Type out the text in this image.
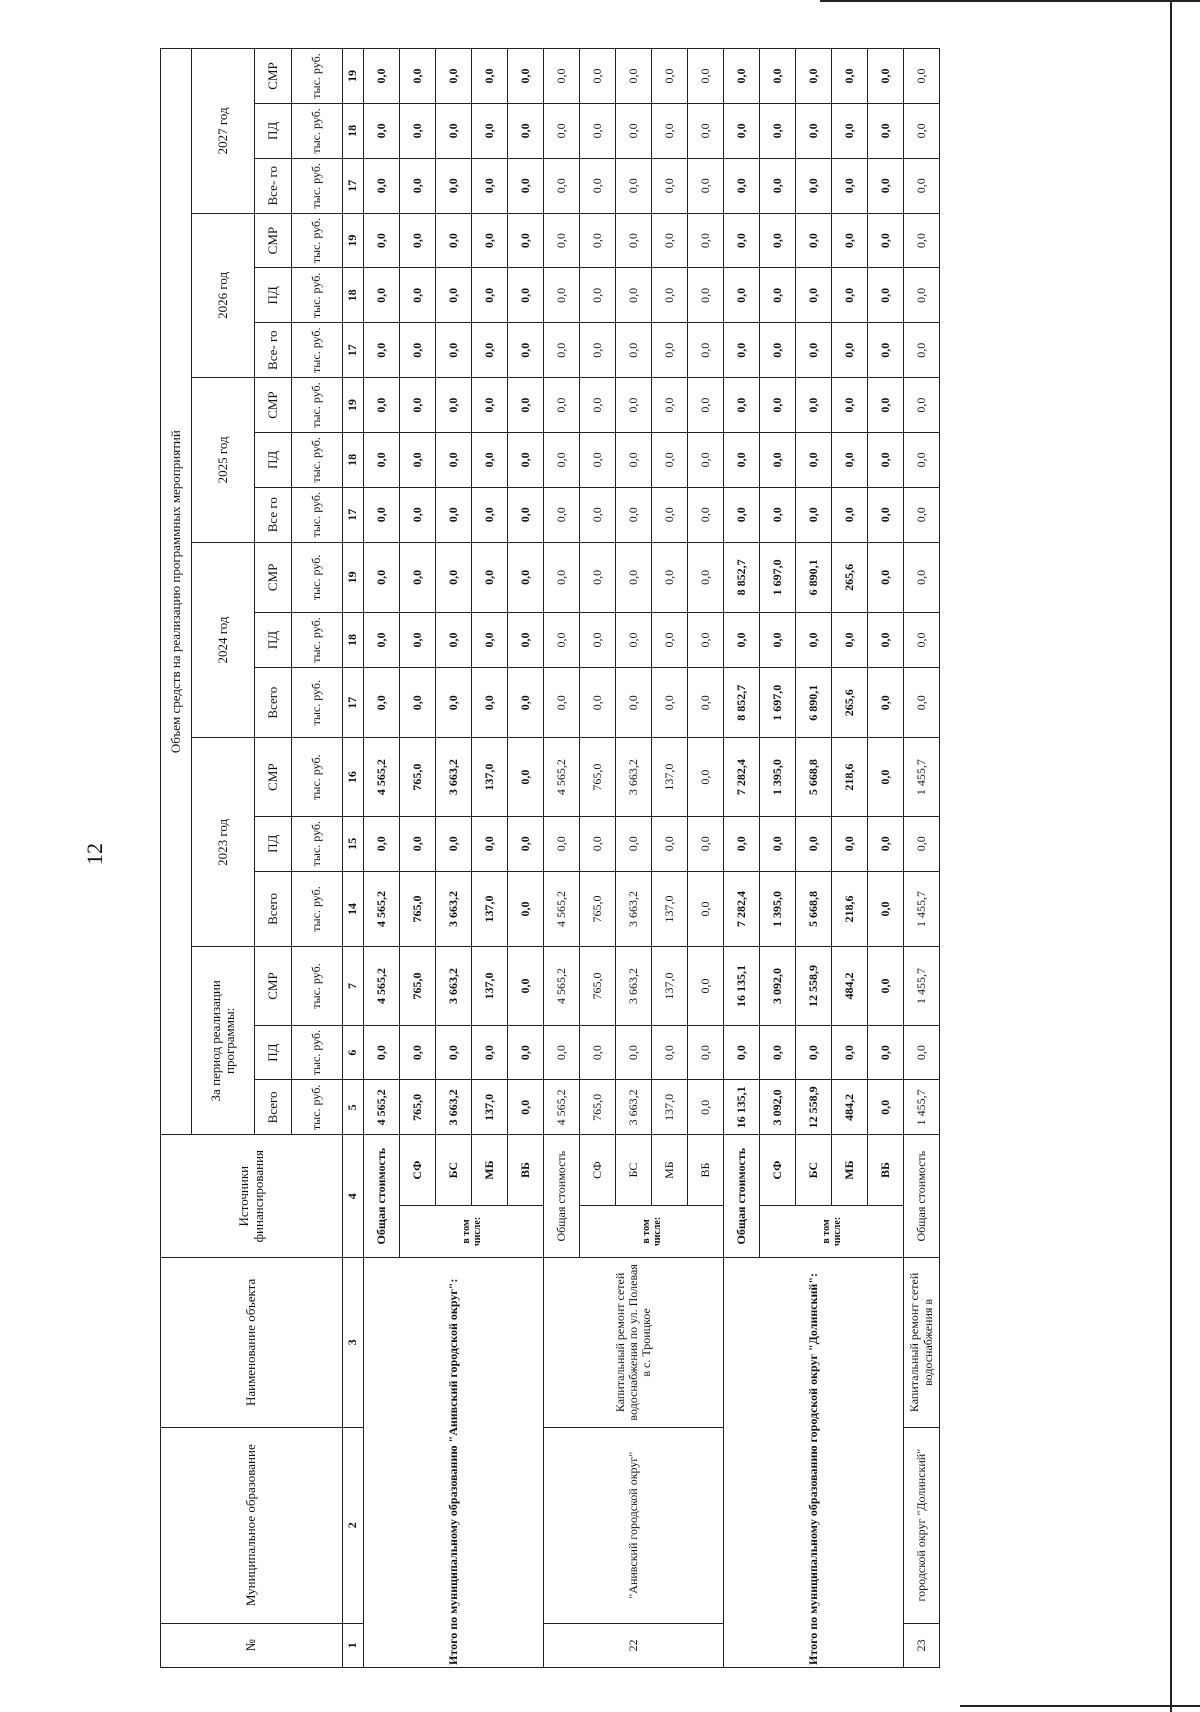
12
№	Муниципальное образование	Наименование объекта	Источники финансирования		Объем средств на реализацию программных мероприятий																	
					За период реализации программы:			2023 год			2024 год			2025 год			2026 год			2027 год		
					Всего	ПД	СМР	Всего	ПД	СМР	Всего	ПД	СМР	Все го	ПД	СМР	Все- го	ПД	СМР	Все- го	ПД	СМР
					тыс. руб.	тыс. руб.	тыс. руб.	тыс. руб.	тыс. руб.	тыс. руб.	тыс. руб.	тыс. руб.	тыс. руб.	тыс. руб.	тыс. руб.	тыс. руб.	тыс. руб.	тыс. руб.	тыс. руб.	тыс. руб.	тыс. руб.	тыс. руб.
1	2	3	4		5	6	7	14	15	16	17	18	19	17	18	19	17	18	19	17	18	19
Итого по муниципальному образованию "Анивский городской округ":			Общая стоимость		4 565,2	0,0	4 565,2	4 565,2	0,0	4 565,2	0,0	0,0	0,0	0,0	0,0	0,0	0,0	0,0	0,0	0,0	0,0	0,0
			в том числе:	СФ	765,0	0,0	765,0	765,0	0,0	765,0	0,0	0,0	0,0	0,0	0,0	0,0	0,0	0,0	0,0	0,0	0,0	0,0
				БС	3 663,2	0,0	3 663,2	3 663,2	0,0	3 663,2	0,0	0,0	0,0	0,0	0,0	0,0	0,0	0,0	0,0	0,0	0,0	0,0
				МБ	137,0	0,0	137,0	137,0	0,0	137,0	0,0	0,0	0,0	0,0	0,0	0,0	0,0	0,0	0,0	0,0	0,0	0,0
				ВБ	0,0	0,0	0,0	0,0	0,0	0,0	0,0	0,0	0,0	0,0	0,0	0,0	0,0	0,0	0,0	0,0	0,0	0,0
22	"Анивский городской округ"	Капитальный ремонт сетей водоснабжения по ул. Полевая в с. Троицкое	Общая стоимость		4 565,2	0,0	4 565,2	4 565,2	0,0	4 565,2	0,0	0,0	0,0	0,0	0,0	0,0	0,0	0,0	0,0	0,0	0,0	0,0
			в том числе:	СФ	765,0	0,0	765,0	765,0	0,0	765,0	0,0	0,0	0,0	0,0	0,0	0,0	0,0	0,0	0,0	0,0	0,0	0,0
				БС	3 663,2	0,0	3 663,2	3 663,2	0,0	3 663,2	0,0	0,0	0,0	0,0	0,0	0,0	0,0	0,0	0,0	0,0	0,0	0,0
				МБ	137,0	0,0	137,0	137,0	0,0	137,0	0,0	0,0	0,0	0,0	0,0	0,0	0,0	0,0	0,0	0,0	0,0	0,0
				ВБ	0,0	0,0	0,0	0,0	0,0	0,0	0,0	0,0	0,0	0,0	0,0	0,0	0,0	0,0	0,0	0,0	0,0	0,0
Итого по муниципальному образованию городской округ "Долинский":			Общая стоимость		16 135,1	0,0	16 135,1	7 282,4	0,0	7 282,4	8 852,7	0,0	8 852,7	0,0	0,0	0,0	0,0	0,0	0,0	0,0	0,0	0,0
			в том числе:	СФ	3 092,0	0,0	3 092,0	1 395,0	0,0	1 395,0	1 697,0	0,0	1 697,0	0,0	0,0	0,0	0,0	0,0	0,0	0,0	0,0	0,0
				БС	12 558,9	0,0	12 558,9	5 668,8	0,0	5 668,8	6 890,1	0,0	6 890,1	0,0	0,0	0,0	0,0	0,0	0,0	0,0	0,0	0,0
				МБ	484,2	0,0	484,2	218,6	0,0	218,6	265,6	0,0	265,6	0,0	0,0	0,0	0,0	0,0	0,0	0,0	0,0	0,0
				ВБ	0,0	0,0	0,0	0,0	0,0	0,0	0,0	0,0	0,0	0,0	0,0	0,0	0,0	0,0	0,0	0,0	0,0	0,0
23	городской округ "Долинский"	Капитальный ремонт сетей водоснабжения в	Общая стоимость		1 455,7	0,0	1 455,7	1 455,7	0,0	1 455,7	0,0	0,0	0,0	0,0	0,0	0,0	0,0	0,0	0,0	0,0	0,0	0,0
